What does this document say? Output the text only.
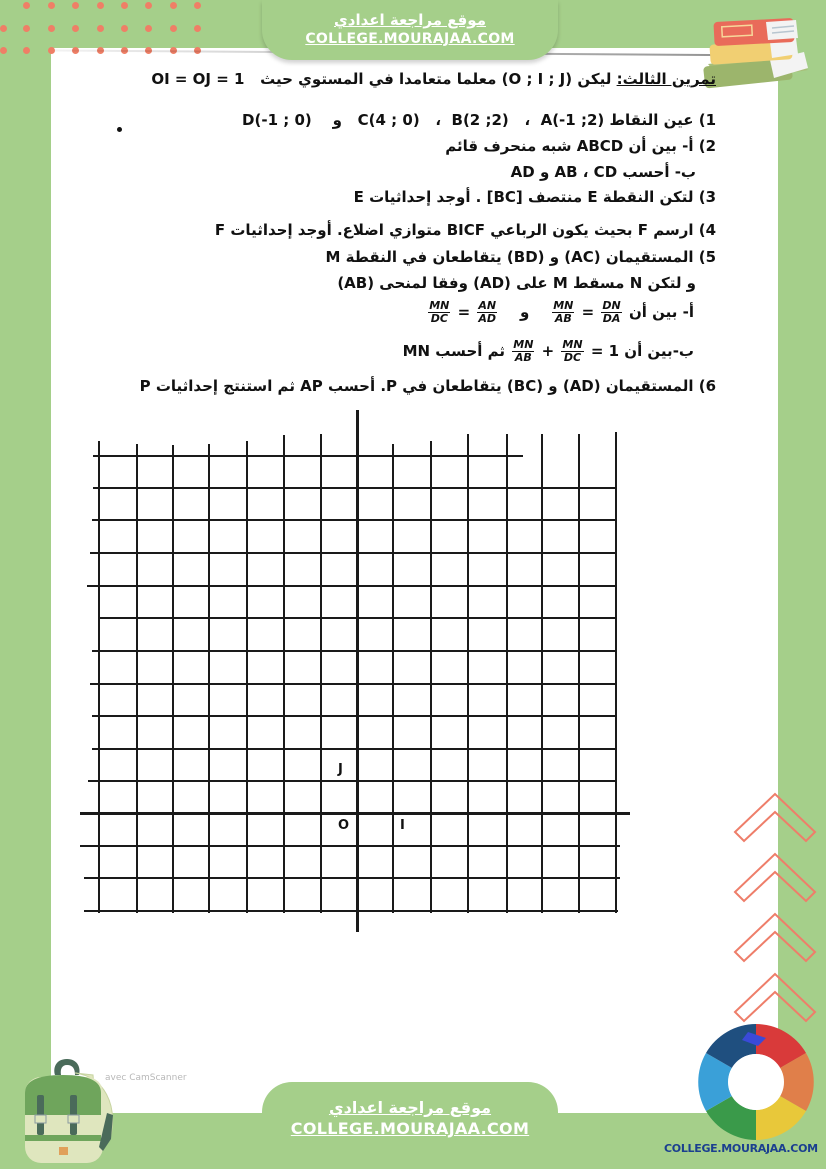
موقع مراجعة اعدادي
COLLEGE.MOURAJAA.COM
تمرين الثالث: ليكن (O ; I ; J) معلما متعامدا في المستوي حيث   OI = OJ = 1
1) عين النقاط A(-1 ;2)  ،   B(2 ;2)  ،   C(4 ; 0)   و    D(-1 ; 0)
2) أ- بين أن ABCD شبه منحرف قائم
ب- أحسب AB ، CD و AD
3) لتكن النقطة E منتصف [BC] . أوجد إحداثيات E
4) ارسم F بحيث يكون الرباعي BICF متوازي اضلاع. أوجد إحداثيات F
5) المستقيمان (AC) و (BD) يتقاطعان في النقطة M
و لتكن N مسقط M على (AD) وفقا لمنحى (AB)
أ- بين أن
$\frac{MN}{DC} = \frac{AN}{AD}$ و $\frac{MN}{AB} = \frac{DN}{DA}$
ب-بين أن 1 =
$\frac{MN}{AB} + \frac{MN}{DC}$
ثم أحسب MN
6) المستقيمان (AD) و (BC) يتقاطعان في P. أحسب AP ثم استنتج إحداثيات P
J
O	I
avec CamScanner
موقع مراجعة اعدادي
COLLEGE.MOURAJAA.COM
COLLEGE.MOURAJAA.COM
